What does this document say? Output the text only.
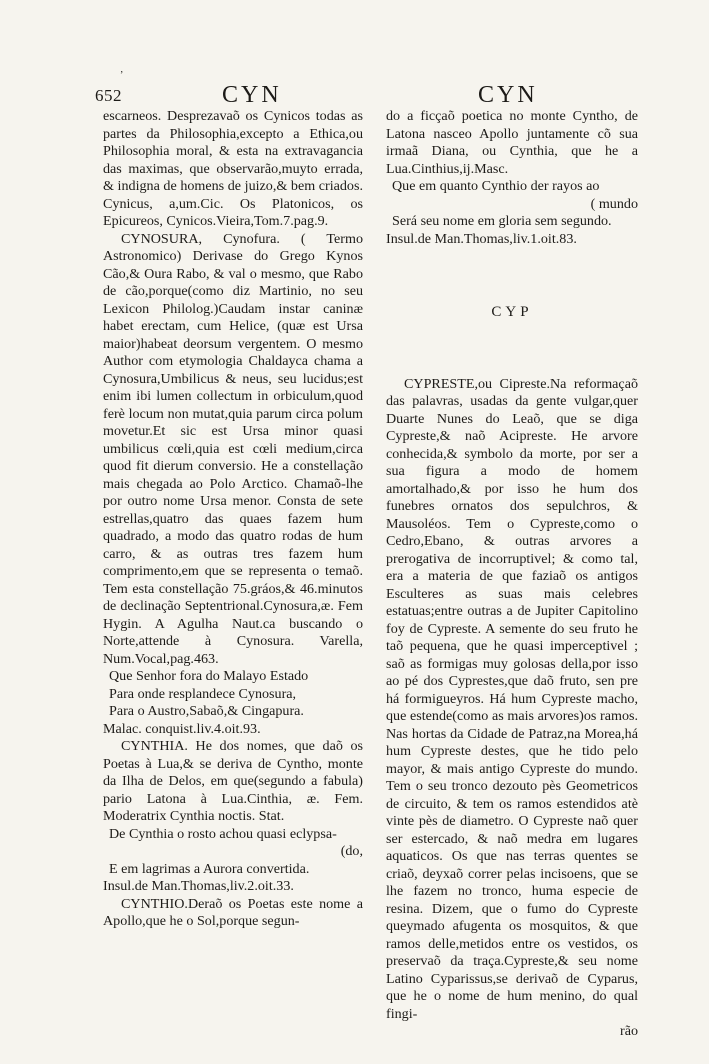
‚
652	CYN	CYN

escarneos. Desprezavaõ os Cynicos todas as partes da Philosophia,excepto a Ethica,ou Philosophia moral, & esta na extravagancia das maximas, que observarão,muyto errada, & indigna de homens de juizo,& bem criados. Cynicus, a,um.Cic. Os Platonicos, os Epicureos, Cynicos.Vieira,Tom.7.pag.9.

CYNOSURA, Cynofura. ( Termo Astronomico) Derivase do Grego Kynos Cão,& Oura Rabo, & val o mesmo, que Rabo de cão,porque(como diz Martinio, no seu Lexicon Philolog.)Caudam instar caninæ habet erectam, cum Helice, (quæ est Ursa maior)habeat deorsum vergentem. O mesmo Author com etymologia Chaldayca chama a Cynosura,Umbilicus & neus, seu lucidus;est enim ibi lumen collectum in orbiculum,quod ferè locum non mutat,quia parum circa polum movetur.Et sic est Ursa minor quasi umbilicus cœli,quia est cœli medium,circa quod fit dierum conversio. He a constellação mais chegada ao Polo Arctico. Chamaõ-lhe por outro nome Ursa menor. Consta de sete estrellas,quatro das quaes fazem hum quadrado, a modo das quatro rodas de hum carro, & as outras tres fazem hum comprimento,em que se representa o temaõ. Tem esta constellação 75.gráos,& 46.minutos de declinação Septentrional.Cynosura,æ. Fem Hygin. A Agulha Naut.ca buscando o Norte,attende à Cynosura. Varella, Num.Vocal,pag.463.

Que Senhor fora do Malayo Estado
Para onde resplandece Cynosura,
Para o Austro,Sabaõ,& Cingapura.

Malac. conquist.liv.4.oit.93.

CYNTHIA. He dos nomes, que daõ os Poetas à Lua,& se deriva de Cyntho, monte da Ilha de Delos, em que(segundo a fabula) pario Latona à Lua.Cinthia, æ. Fem. Moderatrix Cynthia noctis. Stat.

De Cynthia o rosto achou quasi eclypsa-
(do,
E em lagrimas a Aurora convertida.

Insul.de Man.Thomas,liv.2.oit.33.

CYNTHIO.Deraõ os Poetas este nome a Apollo,que he o Sol,porque segun-

do a ficçaõ poetica no monte Cyntho, de Latona nasceo Apollo juntamente cõ sua irmaã Diana, ou Cynthia, que he a Lua.Cinthius,ij.Masc.

Que em quanto Cynthio der rayos ao
( mundo
Será seu nome em gloria sem segundo.

Insul.de Man.Thomas,liv.1.oit.83.

CYP

CYPRESTE,ou Cipreste.Na reformaçaõ das palavras, usadas da gente vulgar,quer Duarte Nunes do Leaõ, que se diga Cypreste,& naõ Acipreste. He arvore conhecida,& symbolo da morte, por ser a sua figura a modo de homem amortalhado,& por isso he hum dos funebres ornatos dos sepulchros, & Mausoléos. Tem o Cypreste,como o Cedro,Ebano, & outras arvores a prerogativa de incorruptivel; & como tal, era a materia de que faziaõ os antigos Esculteres as suas mais celebres estatuas;entre outras a de Jupiter Capitolino foy de Cypreste. A semente do seu fruto he taõ pequena, que he quasi imperceptivel ; saõ as formigas muy golosas della,por isso ao pé dos Cyprestes,que daõ fruto, sen pre há formigueyros. Há hum Cypreste macho, que estende(como as mais arvores)os ramos. Nas hortas da Cidade de Patraz,na Morea,há hum Cypreste destes, que he tido pelo mayor, & mais antigo Cypreste do mundo. Tem o seu tronco dezouto pès Geometricos de circuito, & tem os ramos estendidos atè vinte pès de diametro. O Cypreste naõ quer ser estercado, & naõ medra em lugares aquaticos. Os que nas terras quentes se criaõ, deyxaõ correr pelas incisoens, que se lhe fazem no tronco, huma especie de resina. Dizem, que o fumo do Cypreste queymado afugenta os mosquitos, & que ramos delle,metidos entre os vestidos, os preservaõ da traça.Cypreste,& seu nome Latino Cyparissus,se derivaõ de Cyparus, que he o nome de hum menino, do qual fingi-

rão
